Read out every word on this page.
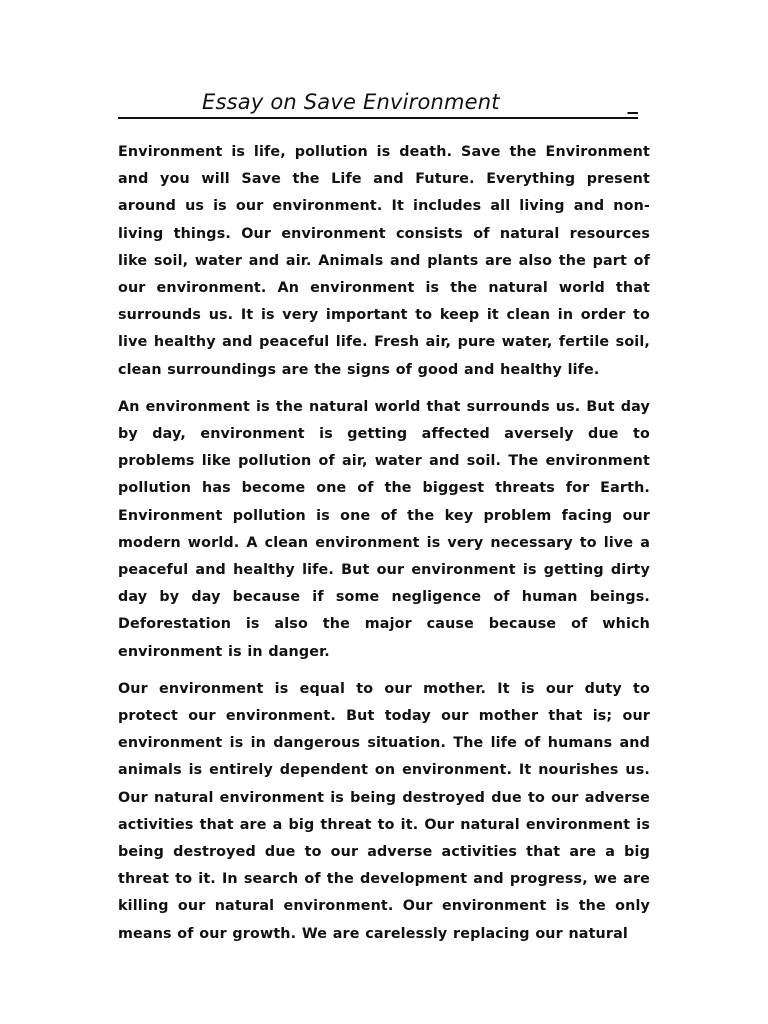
Essay on Save Environment	_

Environment is life, pollution is death. Save the Environment and you will Save the Life and Future. Everything present around us is our environment. It includes all living and non-living things. Our environment consists of natural resources like soil, water and air. Animals and plants are also the part of our environment. An environment is the natural world that surrounds us. It is very important to keep it clean in order to live healthy and peaceful life. Fresh air, pure water, fertile soil, clean surroundings are the signs of good and healthy life.

An environment is the natural world that surrounds us. But day by day, environment is getting affected aversely due to problems like pollution of air, water and soil. The environment pollution has become one of the biggest threats for Earth. Environment pollution is one of the key problem facing our modern world. A clean environment is very necessary to live a peaceful and healthy life. But our environment is getting dirty day by day because if some negligence of human beings. Deforestation is also the major cause because of which environment is in danger.

Our environment is equal to our mother. It is our duty to protect our environment. But today our mother that is; our environment is in dangerous situation. The life of humans and animals is entirely dependent on environment. It nourishes us. Our natural environment is being destroyed due to our adverse activities that are a big threat to it. Our natural environment is being destroyed due to our adverse activities that are a big threat to it. In search of the development and progress, we are killing our natural environment. Our environment is the only means of our growth. We are carelessly replacing our natural
